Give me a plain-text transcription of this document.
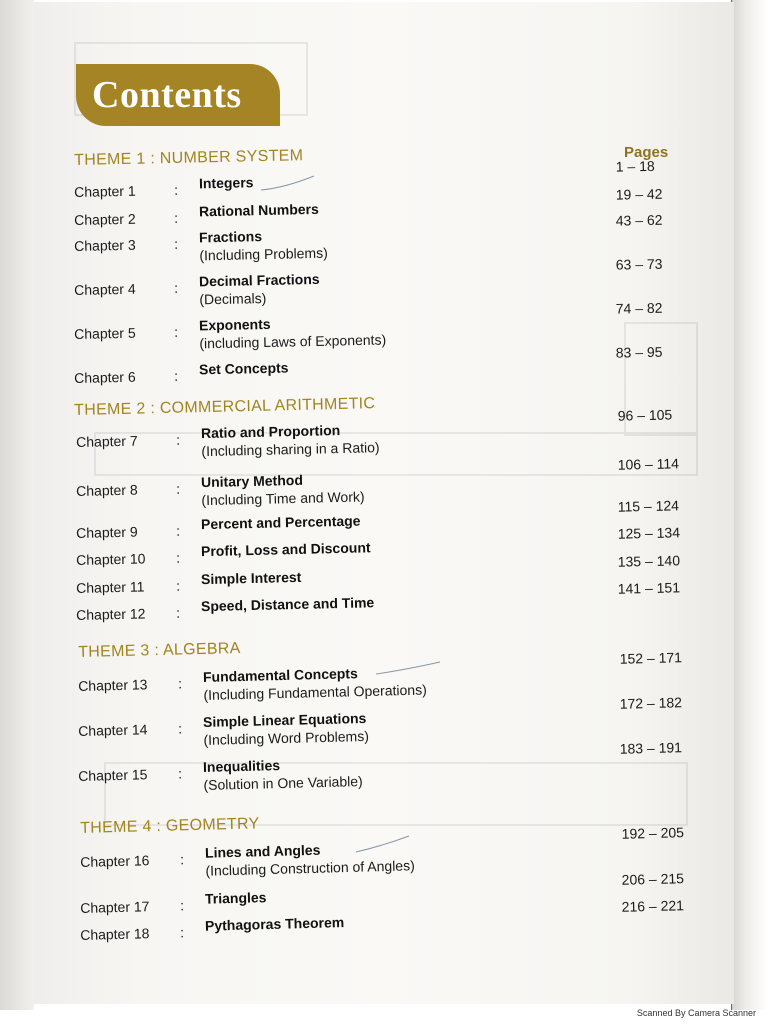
Contents
Pages
THEME 1 : NUMBER SYSTEM
Chapter 1	: Integers
1 – 18
Chapter 2	: Rational Numbers
19 – 42
Chapter 3	: Fractions
(Including Problems)
43 – 62
Chapter 4	: Decimal Fractions
(Decimals)
63 – 73
Chapter 5	: Exponents
(including Laws of Exponents)
74 – 82
Chapter 6	: Set Concepts
83 – 95
THEME 2 : COMMERCIAL ARITHMETIC
Chapter 7	: Ratio and Proportion
(Including sharing in a Ratio)
96 – 105
Chapter 8	: Unitary Method
(Including Time and Work)
106 – 114
Chapter 9	: Percent and Percentage
115 – 124
Chapter 10 : Profit, Loss and Discount
125 – 134
Chapter 11 : Simple Interest
135 – 140
Chapter 12 : Speed, Distance and Time
141 – 151
THEME 3 : ALGEBRA
Chapter 13 : Fundamental Concepts
(Including Fundamental Operations)
152 – 171
Chapter 14 : Simple Linear Equations
(Including Word Problems)
172 – 182
Chapter 15 : Inequalities
(Solution in One Variable)
183 – 191
THEME 4 : GEOMETRY
Chapter 16 : Lines and Angles
(Including Construction of Angles)
192 – 205
Chapter 17 : Triangles
206 – 215
Chapter 18 : Pythagoras Theorem
216 – 221
Scanned By Camera Scanner
